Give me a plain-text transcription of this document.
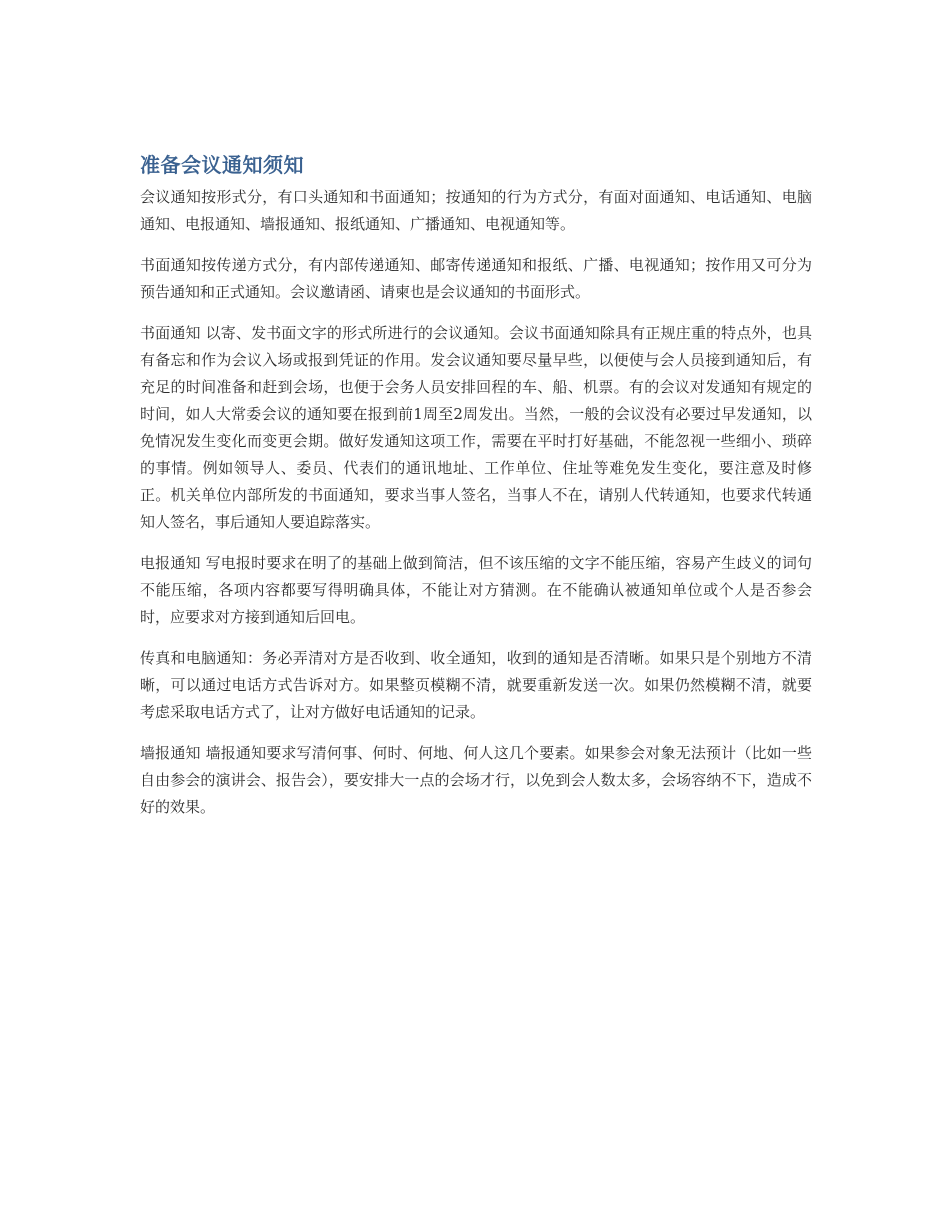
准备会议通知须知

会议通知按形式分，有口头通知和书面通知；按通知的行为方式分，有面对面通知、电话通知、电脑通知、电报通知、墙报通知、报纸通知、广播通知、电视通知等。

书面通知按传递方式分，有内部传递通知、邮寄传递通知和报纸、广播、电视通知；按作用又可分为预告通知和正式通知。会议邀请函、请柬也是会议通知的书面形式。

书面通知 以寄、发书面文字的形式所进行的会议通知。会议书面通知除具有正规庄重的特点外，也具有备忘和作为会议入场或报到凭证的作用。发会议通知要尽量早些，以便使与会人员接到通知后，有充足的时间准备和赶到会场，也便于会务人员安排回程的车、船、机票。有的会议对发通知有规定的时间，如人大常委会议的通知要在报到前1周至2周发出。当然，一般的会议没有必要过早发通知，以免情况发生变化而变更会期。做好发通知这项工作，需要在平时打好基础，不能忽视一些细小、琐碎的事情。例如领导人、委员、代表们的通讯地址、工作单位、住址等难免发生变化，要注意及时修正。机关单位内部所发的书面通知，要求当事人签名，当事人不在，请别人代转通知，也要求代转通知人签名，事后通知人要追踪落实。

电报通知 写电报时要求在明了的基础上做到简洁，但不该压缩的文字不能压缩，容易产生歧义的词句不能压缩，各项内容都要写得明确具体，不能让对方猜测。在不能确认被通知单位或个人是否参会时，应要求对方接到通知后回电。

传真和电脑通知：务必弄清对方是否收到、收全通知，收到的通知是否清晰。如果只是个别地方不清晰，可以通过电话方式告诉对方。如果整页模糊不清，就要重新发送一次。如果仍然模糊不清，就要考虑采取电话方式了，让对方做好电话通知的记录。

墙报通知 墙报通知要求写清何事、何时、何地、何人这几个要素。如果参会对象无法预计（比如一些自由参会的演讲会、报告会），要安排大一点的会场才行，以免到会人数太多，会场容纳不下，造成不好的效果。
